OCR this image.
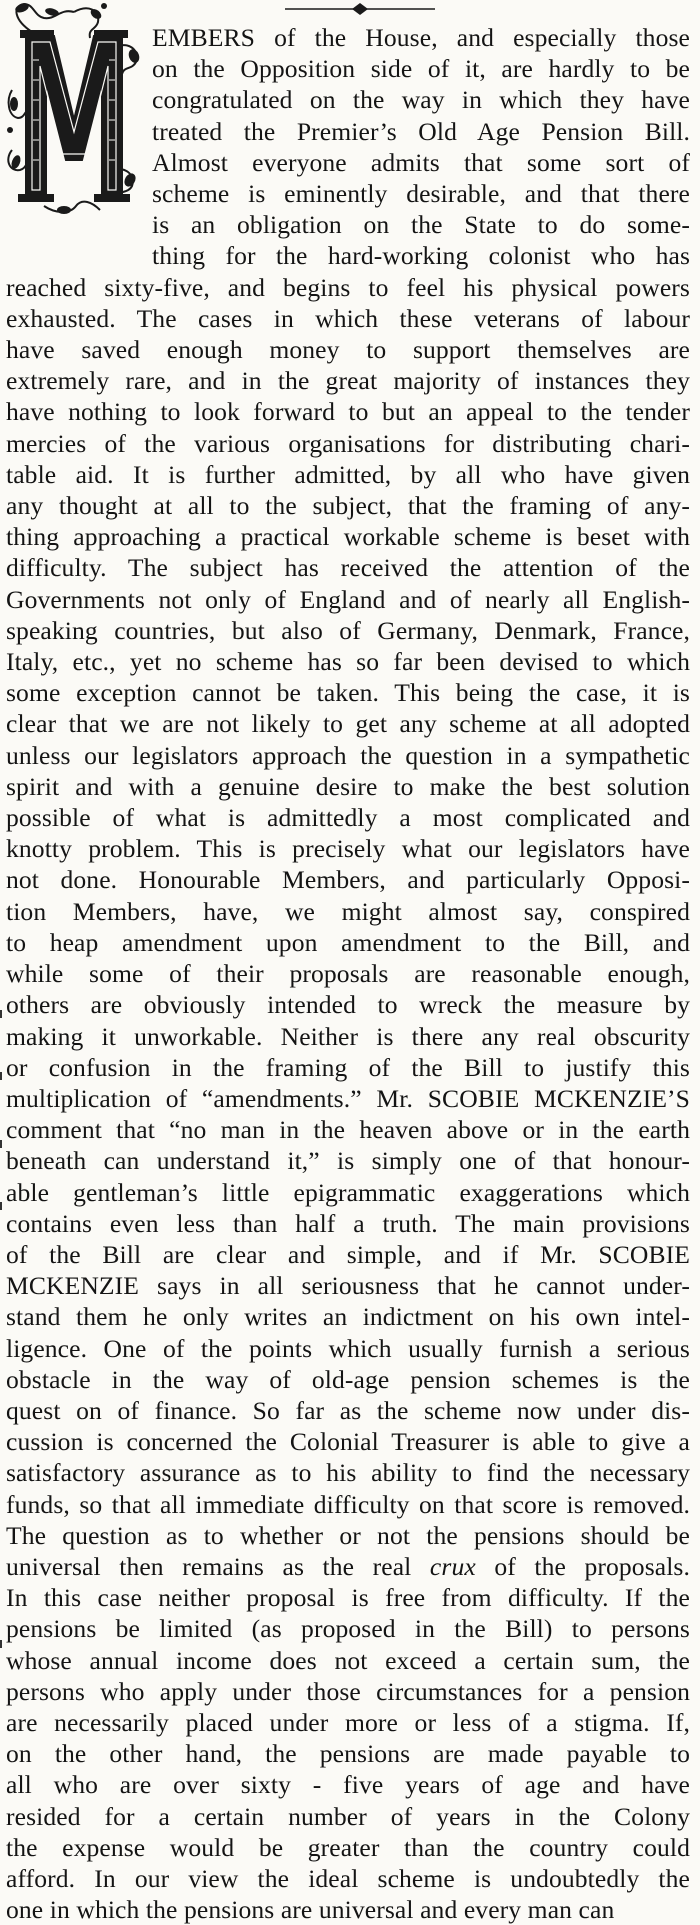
EMBERS of the House, and especially those
on the Opposition side of it, are hardly to be
congratulated on the way in which they have
treated the Premier’s Old Age Pension Bill.
Almost everyone admits that some sort of
scheme is eminently desirable, and that there
is an obligation on the State to do some-
thing for the hard-working colonist who has
reached sixty-five, and begins to feel his physical powers
exhausted. The cases in which these veterans of labour
have saved enough money to support themselves are
extremely rare, and in the great majority of instances they
have nothing to look forward to but an appeal to the tender
mercies of the various organisations for distributing chari-
table aid. It is further admitted, by all who have given
any thought at all to the subject, that the framing of any-
thing approaching a practical workable scheme is beset with
difficulty. The subject has received the attention of the
Governments not only of England and of nearly all English-
speaking countries, but also of Germany, Denmark, France,
Italy, etc., yet no scheme has so far been devised to which
some exception cannot be taken. This being the case, it is
clear that we are not likely to get any scheme at all adopted
unless our legislators approach the question in a sympathetic
spirit and with a genuine desire to make the best solution
possible of what is admittedly a most complicated and
knotty problem. This is precisely what our legislators have
not done. Honourable Members, and particularly Opposi-
tion Members, have, we might almost say, conspired
to heap amendment upon amendment to the Bill, and
while some of their proposals are reasonable enough,
others are obviously intended to wreck the measure by
making it unworkable. Neither is there any real obscurity
or confusion in the framing of the Bill to justify this
multiplication of “amendments.” Mr. SCOBIE MCKENZIE’S
comment that “no man in the heaven above or in the earth
beneath can understand it,” is simply one of that honour-
able gentleman’s little epigrammatic exaggerations which
contains even less than half a truth. The main provisions
of the Bill are clear and simple, and if Mr. SCOBIE
MCKENZIE says in all seriousness that he cannot under-
stand them he only writes an indictment on his own intel-
ligence. One of the points which usually furnish a serious
obstacle in the way of old-age pension schemes is the
quest on of finance. So far as the scheme now under dis-
cussion is concerned the Colonial Treasurer is able to give a
satisfactory assurance as to his ability to find the necessary
funds, so that all immediate difficulty on that score is removed.
The question as to whether or not the pensions should be
universal then remains as the real crux of the proposals.
In this case neither proposal is free from difficulty. If the
pensions be limited (as proposed in the Bill) to persons
whose annual income does not exceed a certain sum, the
persons who apply under those circumstances for a pension
are necessarily placed under more or less of a stigma. If,
on the other hand, the pensions are made payable to
all who are over sixty - five years of age and have
resided for a certain number of years in the Colony
the expense would be greater than the country could
afford. In our view the ideal scheme is undoubtedly the
one in which the pensions are universal and every man can
